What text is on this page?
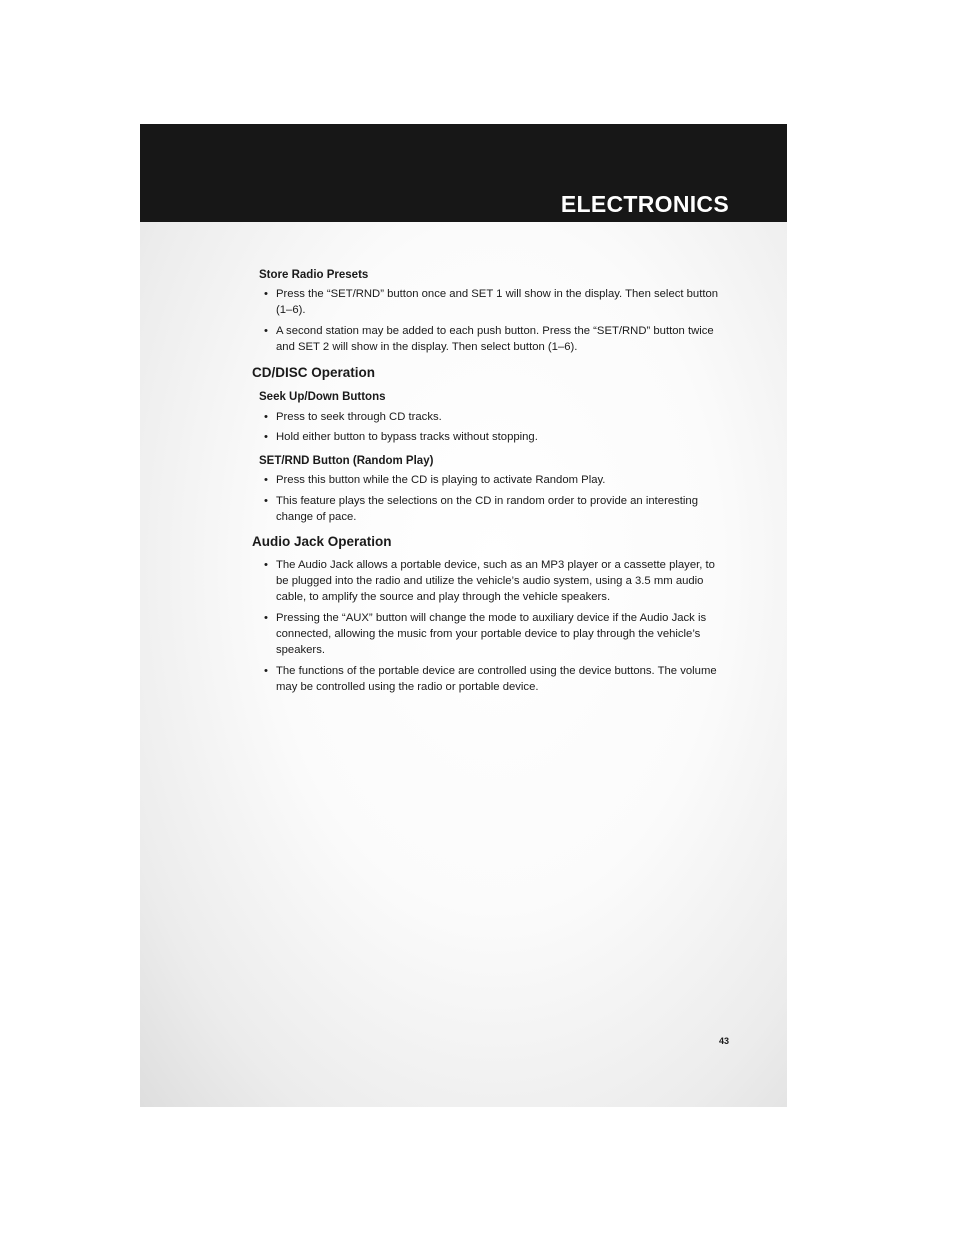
ELECTRONICS
Store Radio Presets
• Press the “SET/RND” button once and SET 1 will show in the display. Then select button (1–6).
• A second station may be added to each push button. Press the “SET/RND” button twice and SET 2 will show in the display. Then select button (1–6).
CD/DISC Operation
Seek Up/Down Buttons
• Press to seek through CD tracks.
• Hold either button to bypass tracks without stopping.
SET/RND Button (Random Play)
• Press this button while the CD is playing to activate Random Play.
• This feature plays the selections on the CD in random order to provide an interesting change of pace.
Audio Jack Operation
• The Audio Jack allows a portable device, such as an MP3 player or a cassette player, to be plugged into the radio and utilize the vehicle’s audio system, using a 3.5 mm audio cable, to amplify the source and play through the vehicle speakers.
• Pressing the “AUX” button will change the mode to auxiliary device if the Audio Jack is connected, allowing the music from your portable device to play through the vehicle’s speakers.
• The functions of the portable device are controlled using the device buttons. The volume may be controlled using the radio or portable device.
43
